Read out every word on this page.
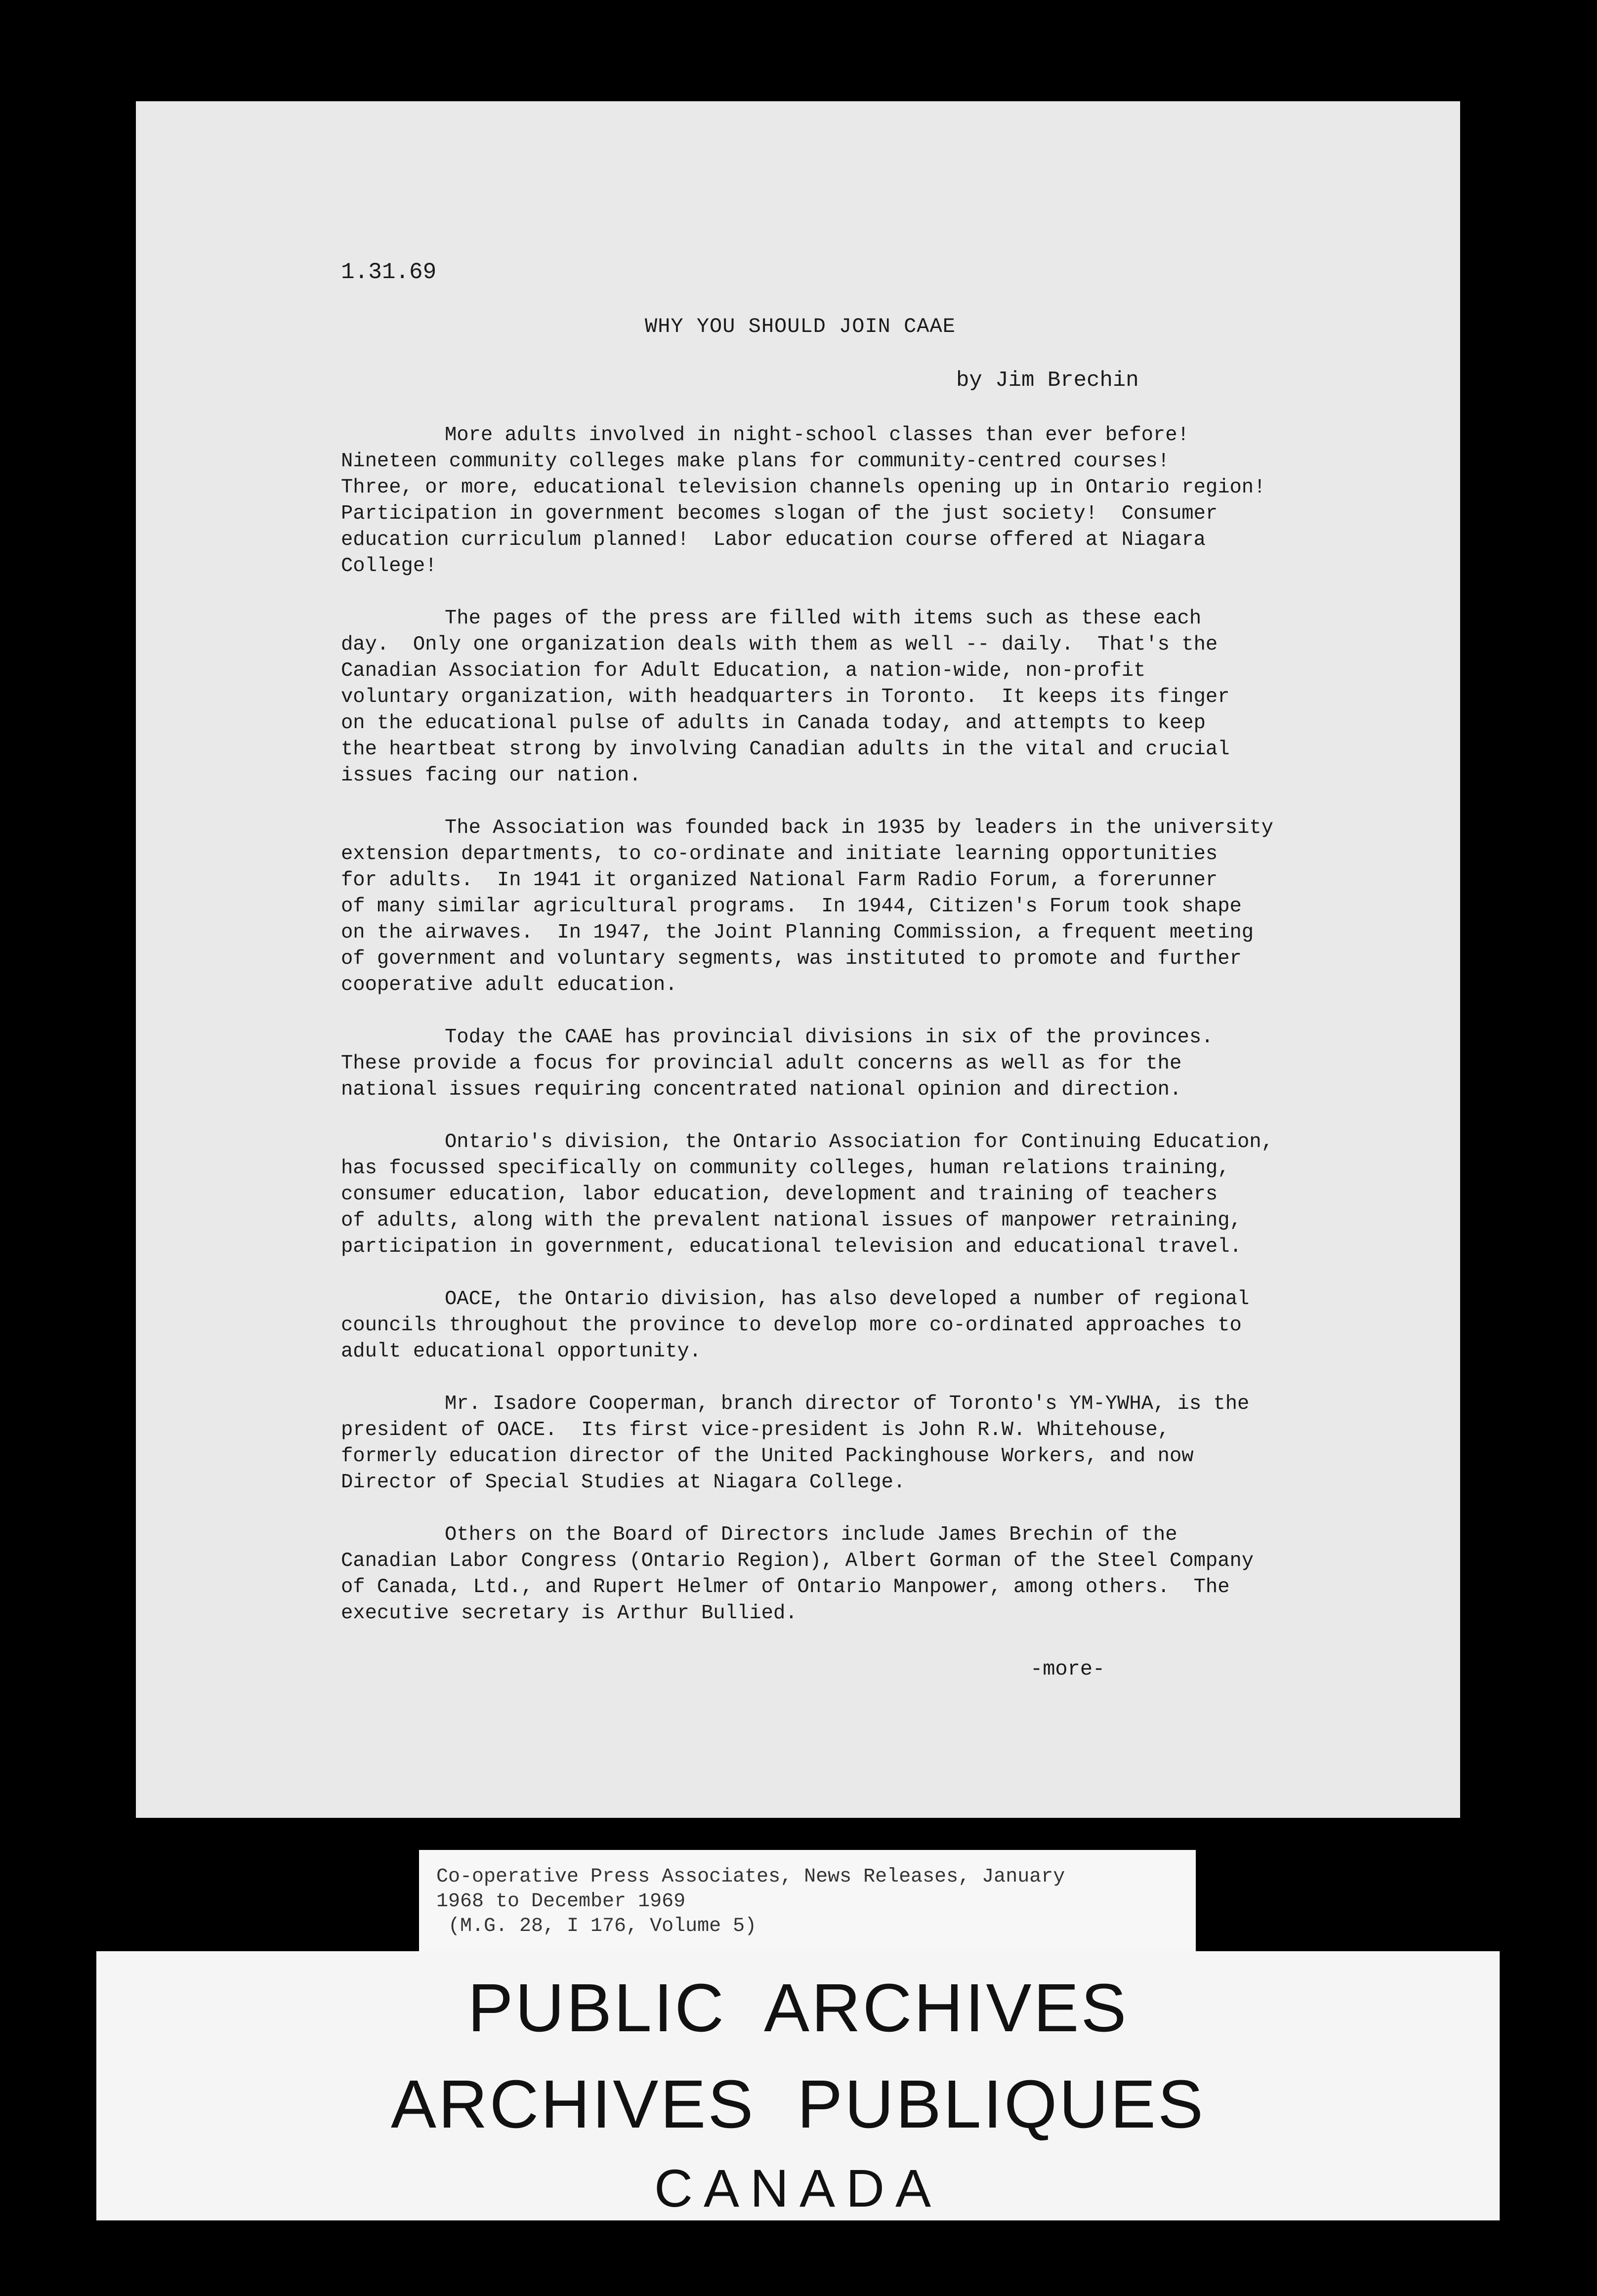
1.31.69
WHY YOU SHOULD JOIN CAAE
by Jim Brechin
More adults involved in night-school classes than ever before!
Nineteen community colleges make plans for community-centred courses!
Three, or more, educational television channels opening up in Ontario region!
Participation in government becomes slogan of the just society!  Consumer
education curriculum planned!  Labor education course offered at Niagara
College!
The pages of the press are filled with items such as these each
day.  Only one organization deals with them as well -- daily.  That's the
Canadian Association for Adult Education, a nation-wide, non-profit
voluntary organization, with headquarters in Toronto.  It keeps its finger
on the educational pulse of adults in Canada today, and attempts to keep
the heartbeat strong by involving Canadian adults in the vital and crucial
issues facing our nation.
The Association was founded back in 1935 by leaders in the university
extension departments, to co-ordinate and initiate learning opportunities
for adults.  In 1941 it organized National Farm Radio Forum, a forerunner
of many similar agricultural programs.  In 1944, Citizen's Forum took shape
on the airwaves.  In 1947, the Joint Planning Commission, a frequent meeting
of government and voluntary segments, was instituted to promote and further
cooperative adult education.
Today the CAAE has provincial divisions in six of the provinces.
These provide a focus for provincial adult concerns as well as for the
national issues requiring concentrated national opinion and direction.
Ontario's division, the Ontario Association for Continuing Education,
has focussed specifically on community colleges, human relations training,
consumer education, labor education, development and training of teachers
of adults, along with the prevalent national issues of manpower retraining,
participation in government, educational television and educational travel.
OACE, the Ontario division, has also developed a number of regional
councils throughout the province to develop more co-ordinated approaches to
adult educational opportunity.
Mr. Isadore Cooperman, branch director of Toronto's YM-YWHA, is the
president of OACE.  Its first vice-president is John R.W. Whitehouse,
formerly education director of the United Packinghouse Workers, and now
Director of Special Studies at Niagara College.
Others on the Board of Directors include James Brechin of the
Canadian Labor Congress (Ontario Region), Albert Gorman of the Steel Company
of Canada, Ltd., and Rupert Helmer of Ontario Manpower, among others.  The
executive secretary is Arthur Bullied.
-more-
Co-operative Press Associates, News Releases, January
1968 to December 1969
(M.G. 28, I 176, Volume 5)
PUBLIC  ARCHIVES
ARCHIVES  PUBLIQUES
CANADA
